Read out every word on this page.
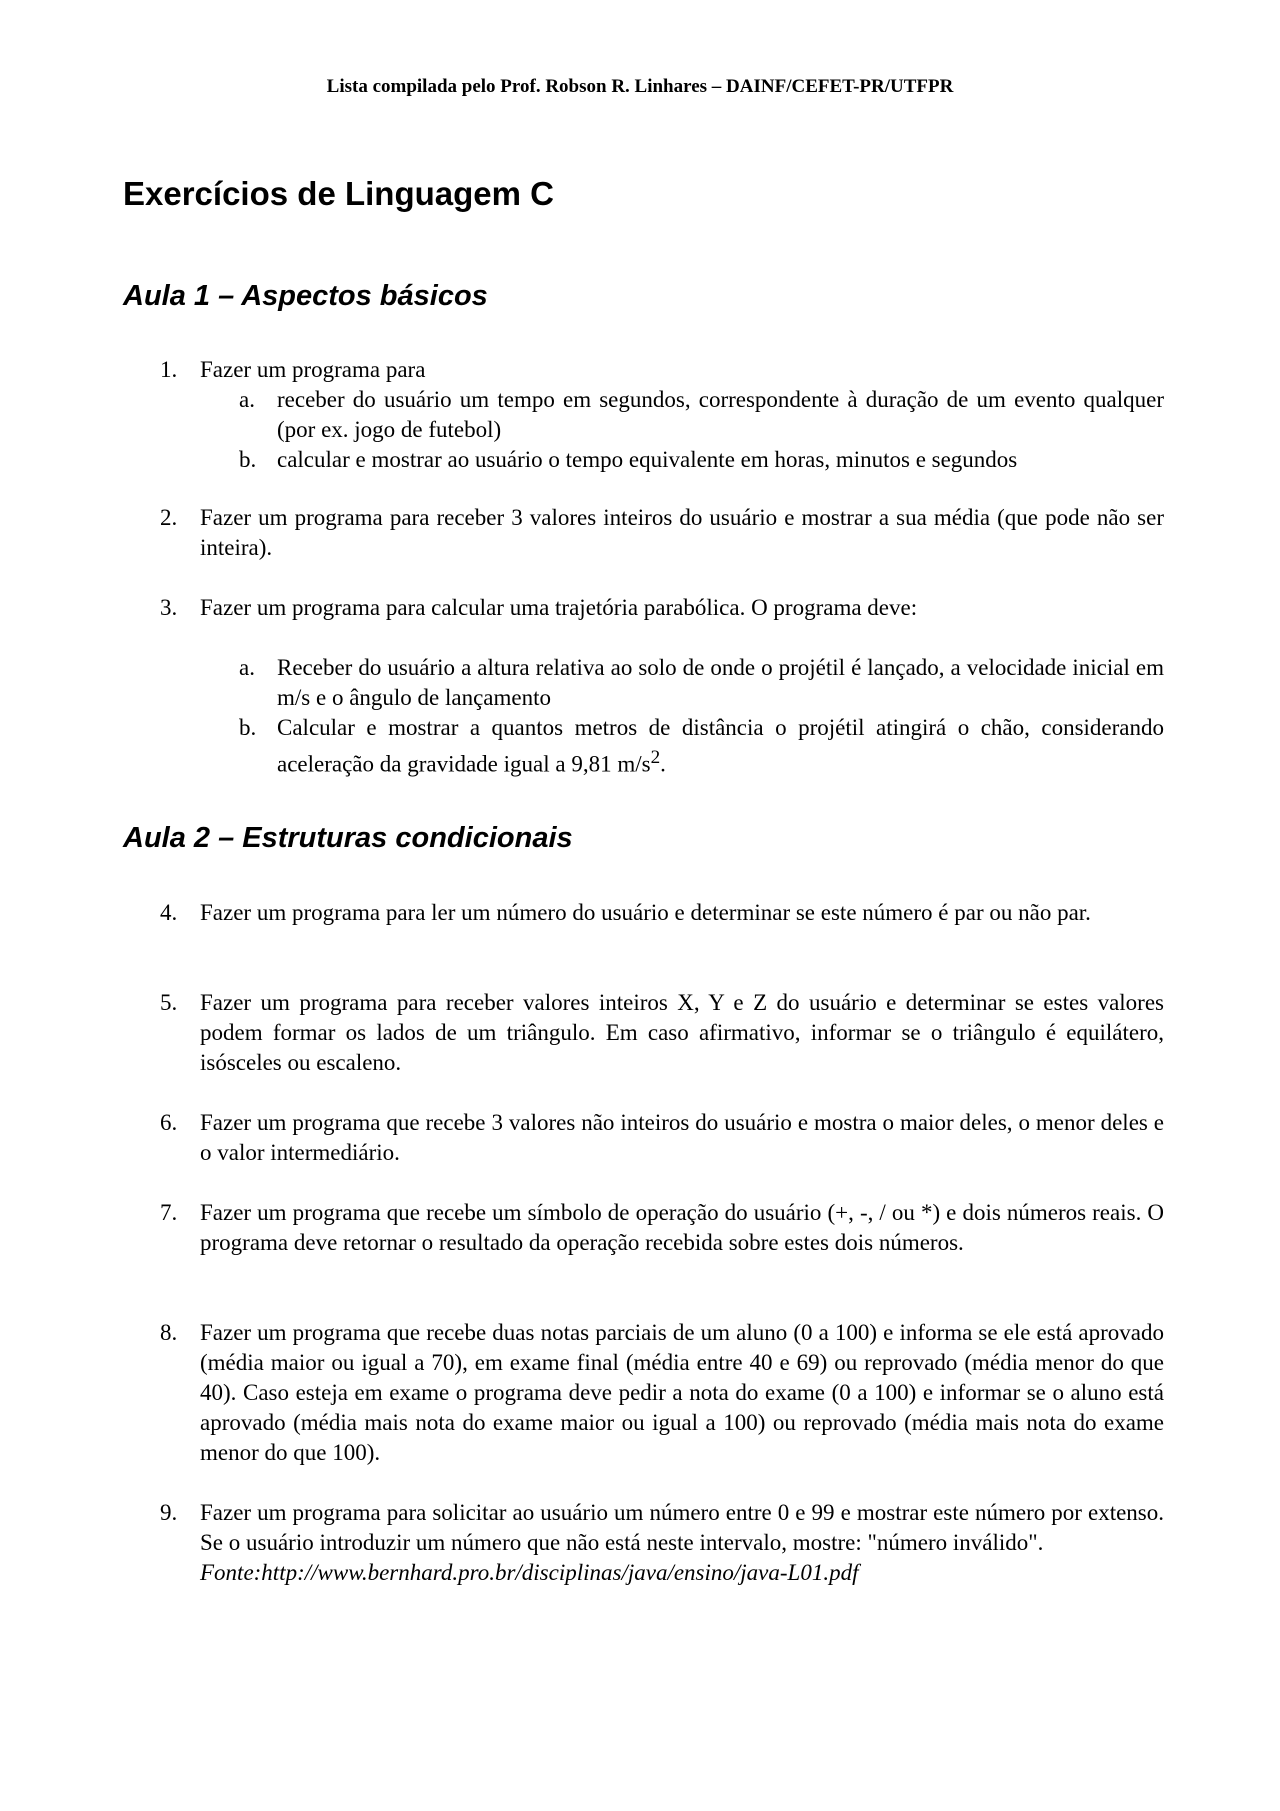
Lista compilada pelo Prof. Robson R. Linhares – DAINF/CEFET-PR/UTFPR
Exercícios de Linguagem C
Aula 1 – Aspectos básicos
1. Fazer um programa para
a. receber do usuário um tempo em segundos, correspondente à duração de um evento qualquer (por ex. jogo de futebol)
b. calcular e mostrar ao usuário o tempo equivalente em horas, minutos e segundos
2. Fazer um programa para receber 3 valores inteiros do usuário e mostrar a sua média (que pode não ser inteira).
3. Fazer um programa para calcular uma trajetória parabólica. O programa deve:
a. Receber do usuário a altura relativa ao solo de onde o projétil é lançado, a velocidade inicial em m/s e o ângulo de lançamento
b. Calcular e mostrar a quantos metros de distância o projétil atingirá o chão, considerando aceleração da gravidade igual a 9,81 $m/s^2$.
Aula 2 – Estruturas condicionais
4. Fazer um programa para ler um número do usuário e determinar se este número é par ou não par.
5. Fazer um programa para receber valores inteiros X, Y e Z do usuário e determinar se estes valores podem formar os lados de um triângulo. Em caso afirmativo, informar se o triângulo é equilátero, isósceles ou escaleno.
6. Fazer um programa que recebe 3 valores não inteiros do usuário e mostra o maior deles, o menor deles e o valor intermediário.
7. Fazer um programa que recebe um símbolo de operação do usuário (+, -, / ou *) e dois números reais. O programa deve retornar o resultado da operação recebida sobre estes dois números.
8. Fazer um programa que recebe duas notas parciais de um aluno (0 a 100) e informa se ele está aprovado (média maior ou igual a 70), em exame final (média entre 40 e 69) ou reprovado (média menor do que 40). Caso esteja em exame o programa deve pedir a nota do exame (0 a 100) e informar se o aluno está aprovado (média mais nota do exame maior ou igual a 100) ou reprovado (média mais nota do exame menor do que 100).
9. Fazer um programa para solicitar ao usuário um número entre 0 e 99 e mostrar este número por extenso. Se o usuário introduzir um número que não está neste intervalo, mostre: "número inválido".
Fonte:http://www.bernhard.pro.br/disciplinas/java/ensino/java-L01.pdf
